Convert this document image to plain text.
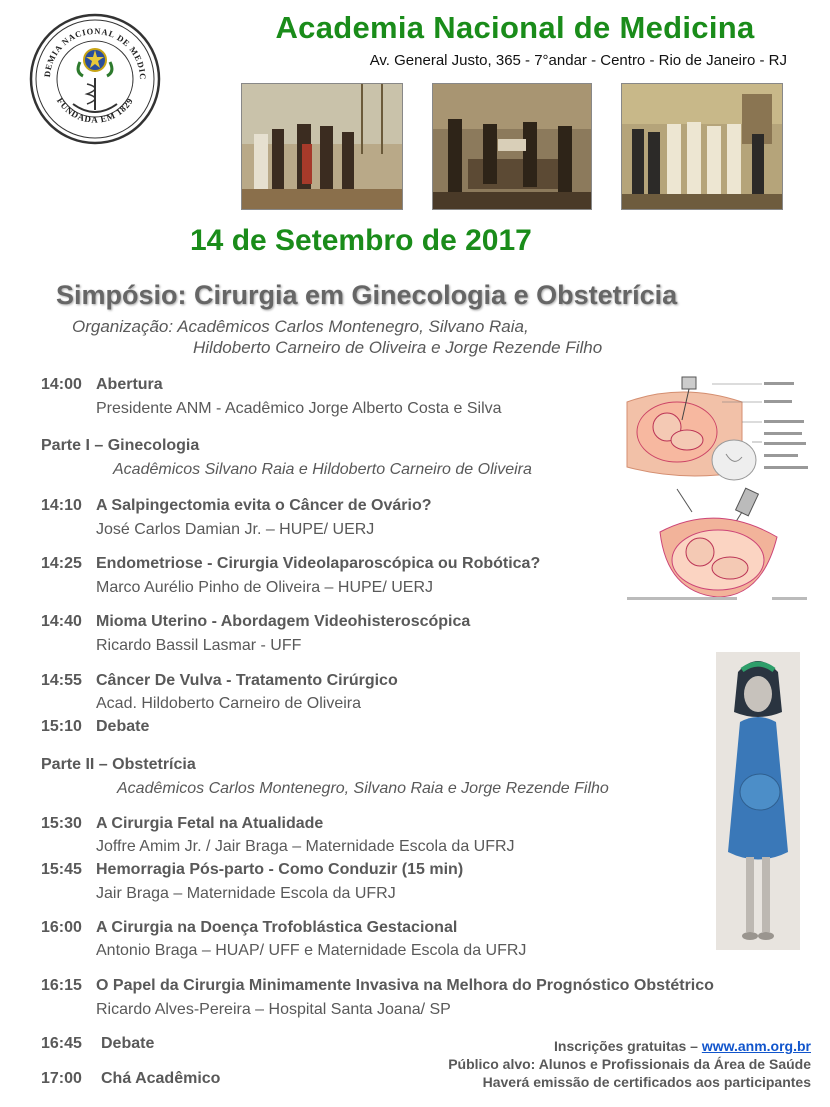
DEMIA NACIONAL DE MEDIC
FUNDADA EM 1829
Academia Nacional de Medicina
Av. General Justo, 365 - 7°andar - Centro - Rio de Janeiro - RJ
14 de Setembro de 2017
Simpósio: Cirurgia em Ginecologia e Obstetrícia
Organização: Acadêmicos Carlos Montenegro, Silvano Raia,
Hildoberto Carneiro de Oliveira e Jorge Rezende Filho
14:00 Abertura
Presidente ANM - Acadêmico Jorge Alberto Costa e Silva
Parte I – Ginecologia
Acadêmicos Silvano Raia e Hildoberto Carneiro de Oliveira
14:10 A Salpingectomia evita o Câncer de Ovário?
José Carlos Damian Jr. – HUPE/ UERJ
14:25 Endometriose - Cirurgia Videolaparoscópica ou Robótica?
Marco Aurélio Pinho de Oliveira – HUPE/ UERJ
14:40 Mioma Uterino - Abordagem Videohisteroscópica
Ricardo Bassil Lasmar - UFF
14:55 Câncer De Vulva - Tratamento Cirúrgico
Acad. Hildoberto Carneiro de Oliveira
15:10 Debate
Parte II – Obstetrícia
Acadêmicos Carlos Montenegro, Silvano Raia e Jorge Rezende Filho
15:30 A Cirurgia Fetal na Atualidade
Joffre Amim Jr. / Jair Braga – Maternidade Escola da UFRJ
15:45 Hemorragia Pós-parto - Como Conduzir (15 min)
Jair Braga – Maternidade Escola da UFRJ
16:00 A Cirurgia na Doença Trofoblástica Gestacional
Antonio Braga – HUAP/ UFF e Maternidade Escola da UFRJ
16:15 O Papel da Cirurgia Minimamente Invasiva na Melhora do Prognóstico Obstétrico
Ricardo Alves-Pereira – Hospital Santa Joana/ SP
16:45 Debate
17:00 Chá Acadêmico
Inscrições gratuitas – www.anm.org.br
Público alvo: Alunos e Profissionais da Área de Saúde
Haverá emissão de certificados aos participantes
